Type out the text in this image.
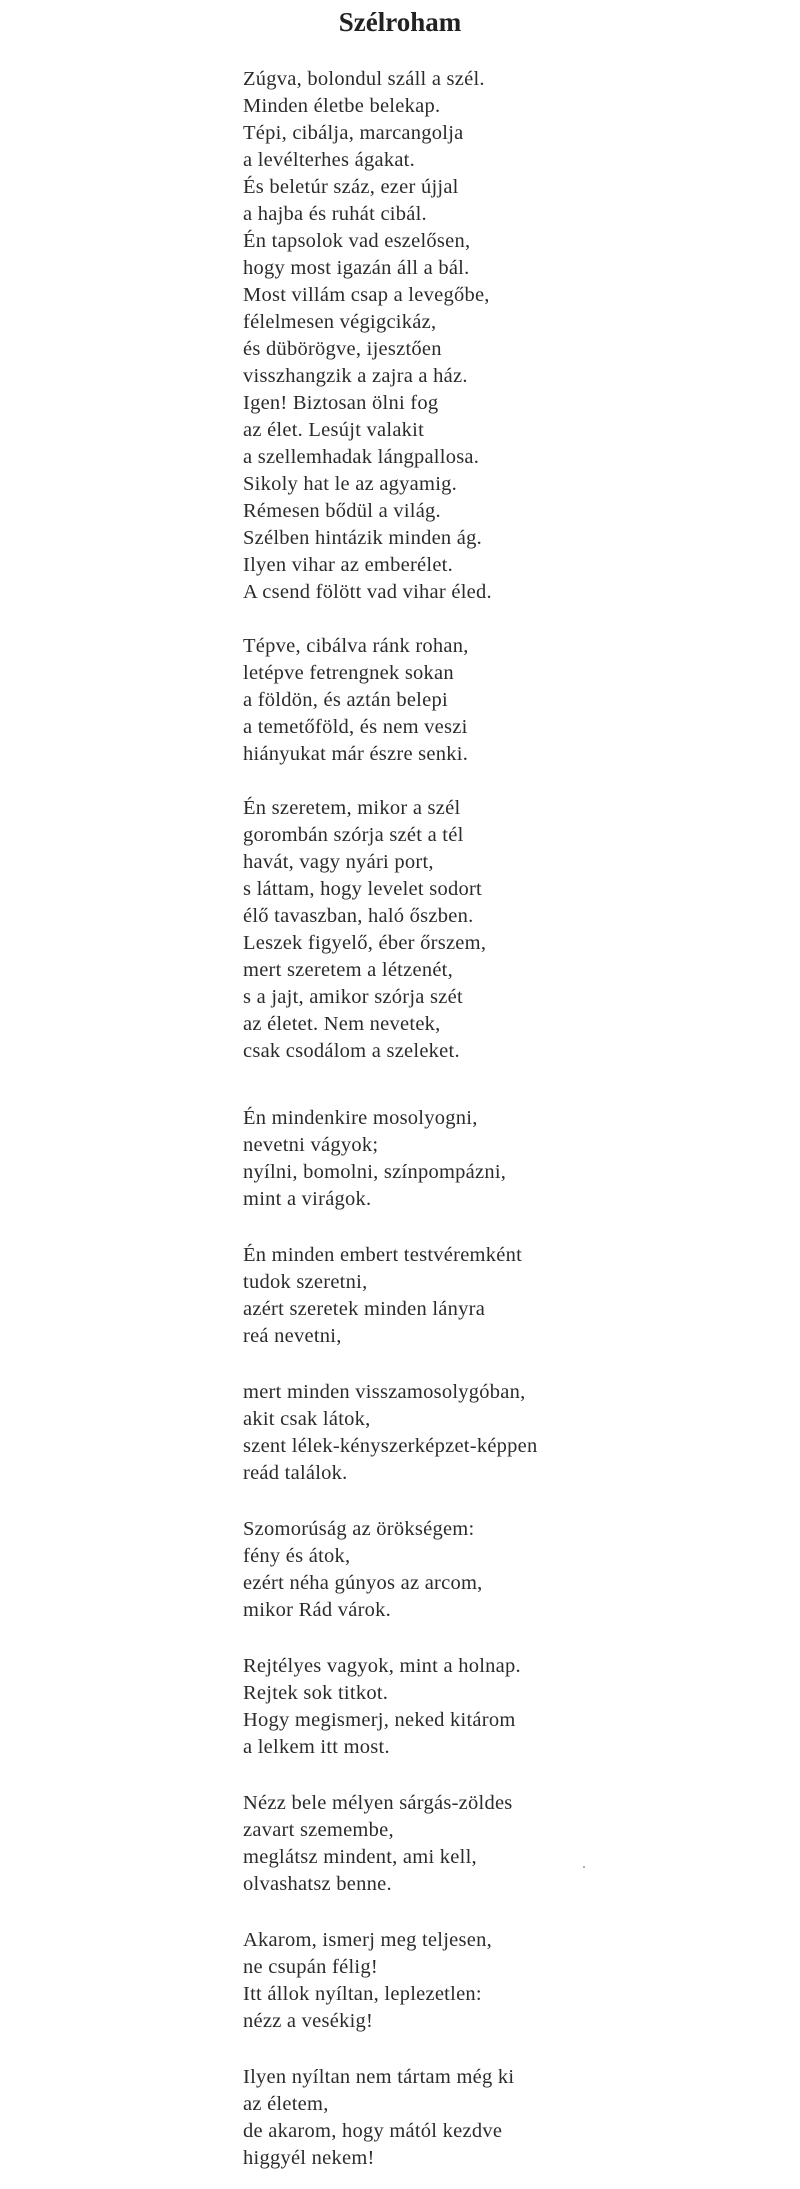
Szélroham
Zúgva, bolondul száll a szél.
Minden életbe belekap.
Tépi, cibálja, marcangolja
a levélterhes ágakat.
És beletúr száz, ezer újjal
a hajba és ruhát cibál.
Én tapsolok vad eszelősen,
hogy most igazán áll a bál.
Most villám csap a levegőbe,
félelmesen végigcikáz,
és dübörögve, ijesztően
visszhangzik a zajra a ház.
Igen! Biztosan ölni fog
az élet. Lesújt valakit
a szellemhadak lángpallosa.
Sikoly hat le az agyamig.
Rémesen bődül a világ.
Szélben hintázik minden ág.
Ilyen vihar az emberélet.
A csend fölött vad vihar éled.
Tépve, cibálva ránk rohan,
letépve fetrengnek sokan
a földön, és aztán belepi
a temetőföld, és nem veszi
hiányukat már észre senki.
Én szeretem, mikor a szél
gorombán szórja szét a tél
havát, vagy nyári port,
s láttam, hogy levelet sodort
élő tavaszban, haló őszben.
Leszek figyelő, éber őrszem,
mert szeretem a létzenét,
s a jajt, amikor szórja szét
az életet. Nem nevetek,
csak csodálom a szeleket.
Én mindenkire mosolyogni,
nevetni vágyok;
nyílni, bomolni, színpompázni,
mint a virágok.
Én minden embert testvéremként
tudok szeretni,
azért szeretek minden lányra
reá nevetni,
mert minden visszamosolygóban,
akit csak látok,
szent lélek-kényszerképzet-képpen
reád találok.
Szomorúság az örökségem:
fény és átok,
ezért néha gúnyos az arcom,
mikor Rád várok.
Rejtélyes vagyok, mint a holnap.
Rejtek sok titkot.
Hogy megismerj, neked kitárom
a lelkem itt most.
Nézz bele mélyen sárgás-zöldes
zavart szemembe,
meglátsz mindent, ami kell,
olvashatsz benne.
Akarom, ismerj meg teljesen,
ne csupán félig!
Itt állok nyíltan, leplezetlen:
nézz a vesékig!
Ilyen nyíltan nem tártam még ki
az életem,
de akarom, hogy mától kezdve
higgyél nekem!
